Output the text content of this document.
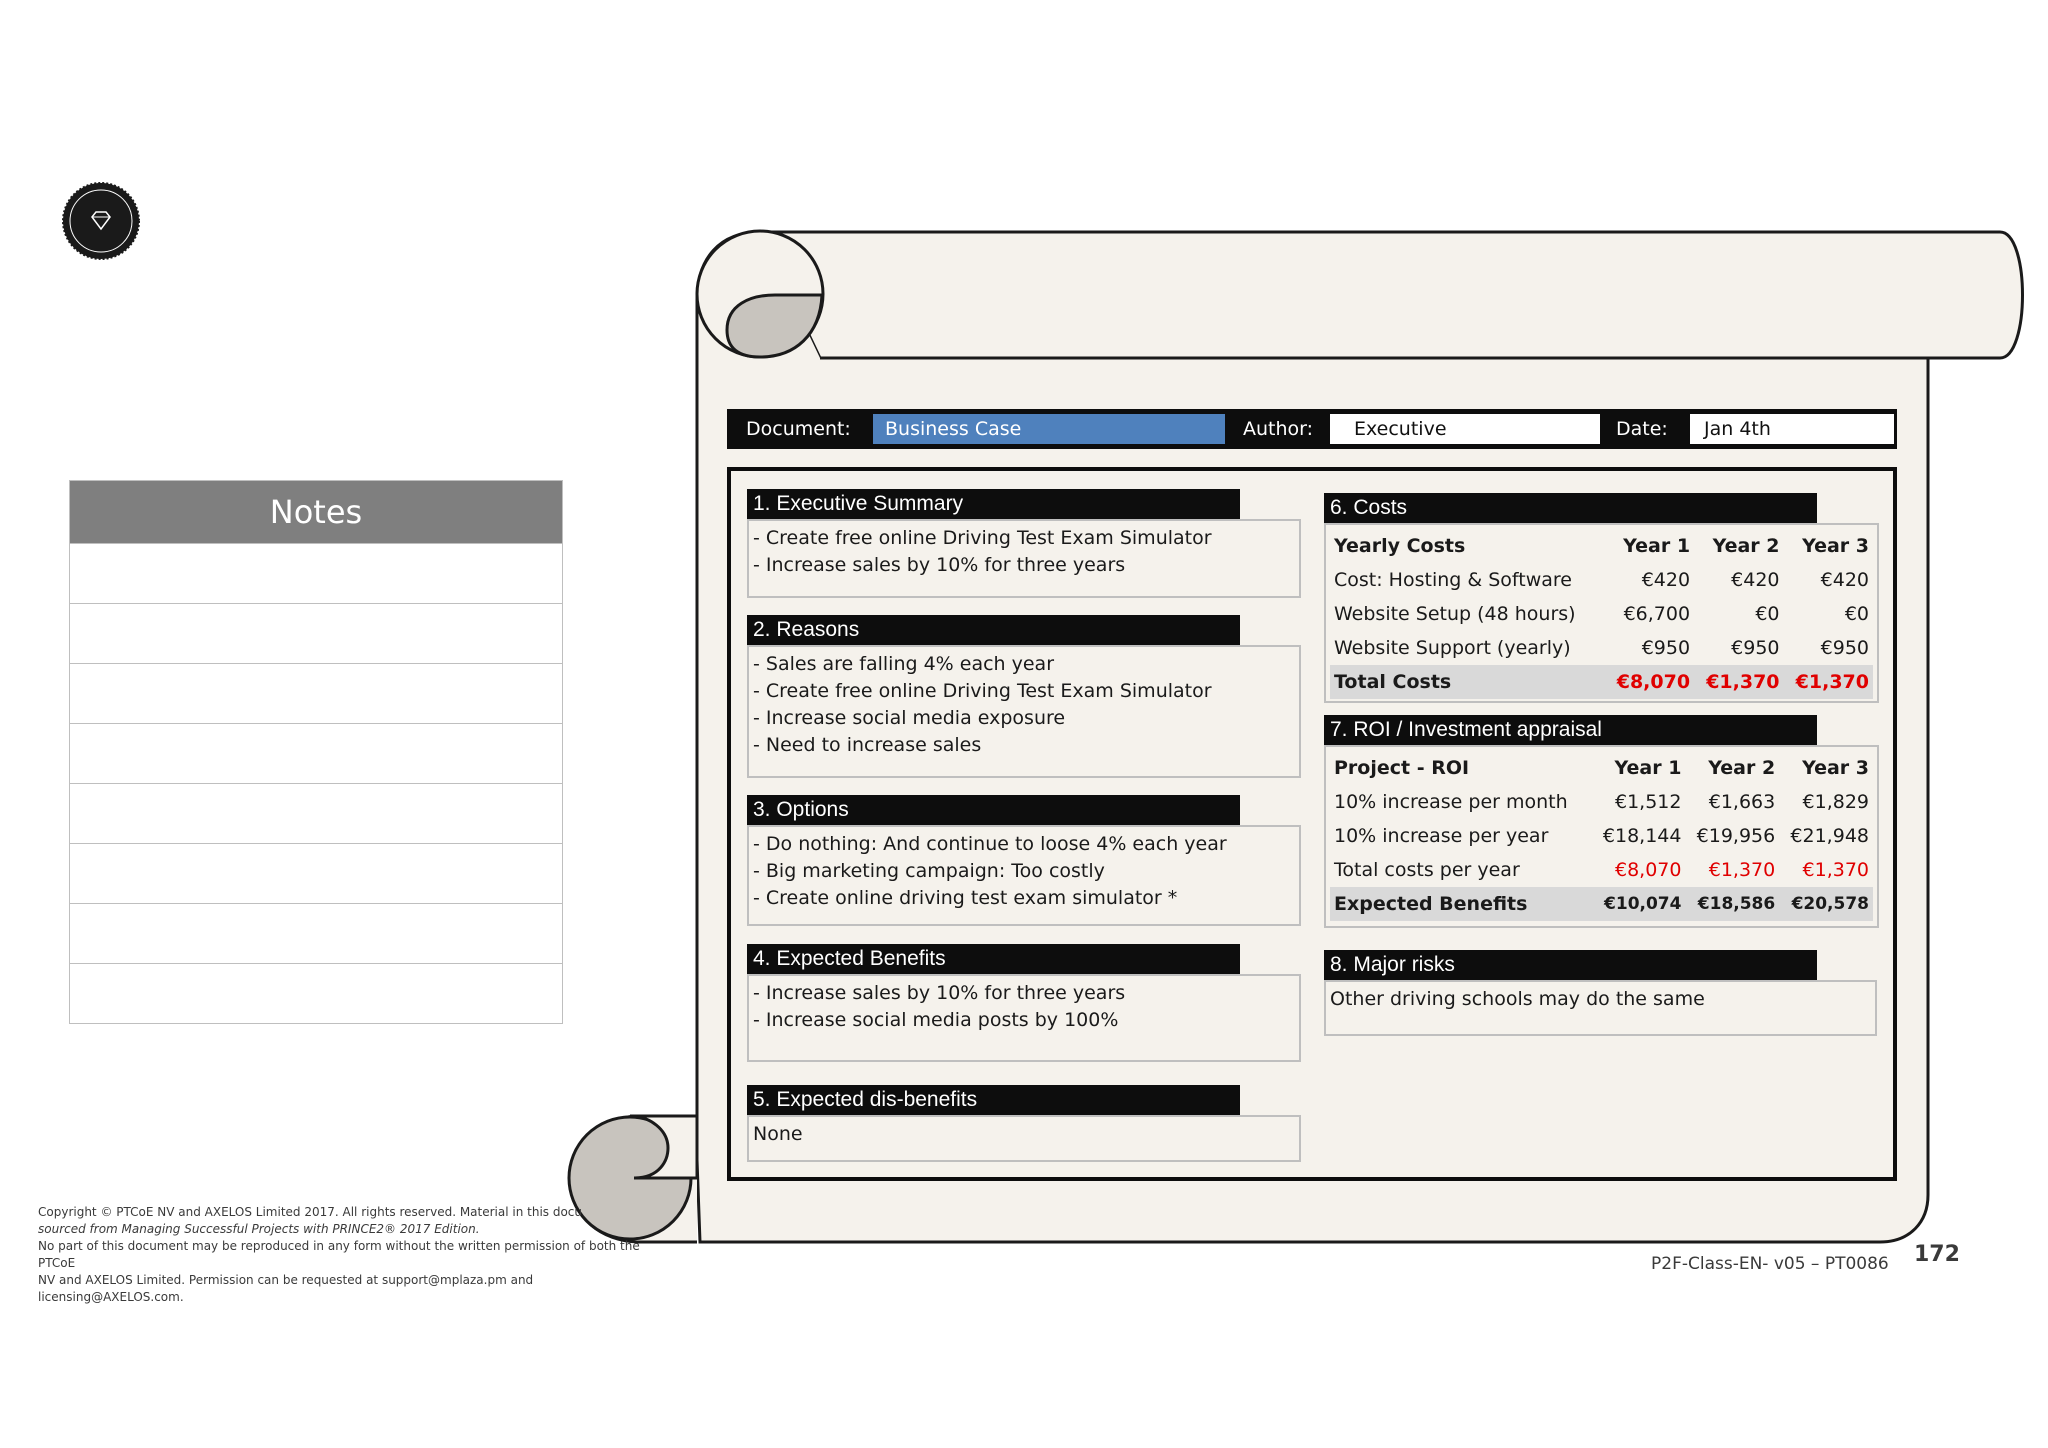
Notes
Document:	Business Case	Author:	Executive	Date:	Jan 4th
1. Executive Summary
- Create free online Driving Test Exam Simulator
- Increase sales by 10% for three years
2. Reasons
- Sales are falling 4% each year
- Create free online Driving Test Exam Simulator
- Increase social media exposure
- Need to increase sales
3. Options
- Do nothing: And continue to loose 4% each year
- Big marketing campaign: Too costly
- Create online driving test exam simulator *
4. Expected Benefits
- Increase sales by 10% for three years
- Increase social media posts by 100%
5. Expected dis-benefits
None
6. Costs
Yearly Costs	Year 1	Year 2	Year 3
Cost: Hosting & Software	€420	€420	€420
Website Setup (48 hours)	€6,700	€0	€0
Website Support (yearly)	€950	€950	€950
Total Costs	€8,070	€1,370	€1,370
7. ROI / Investment appraisal
Project - ROI	Year 1	Year 2	Year 3
10% increase per month	€1,512	€1,663	€1,829
10% increase per year	€18,144	€19,956	€21,948
Total costs per year	€8,070	€1,370	€1,370
Expected Benefits	€10,074	€18,586	€20,578
8. Major risks
Other driving schools may do the same
Copyright © PTCoE NV and AXELOS Limited 2017. All rights reserved. Material in this docu
sourced from Managing Successful Projects with PRINCE2® 2017 Edition.
No part of this document may be reproduced in any form without the written permission of both the PTCoE
NV and AXELOS Limited. Permission can be requested at support@mplaza.pm and licensing@AXELOS.com.
P2F-Class-EN- v05 – PT0086 172
